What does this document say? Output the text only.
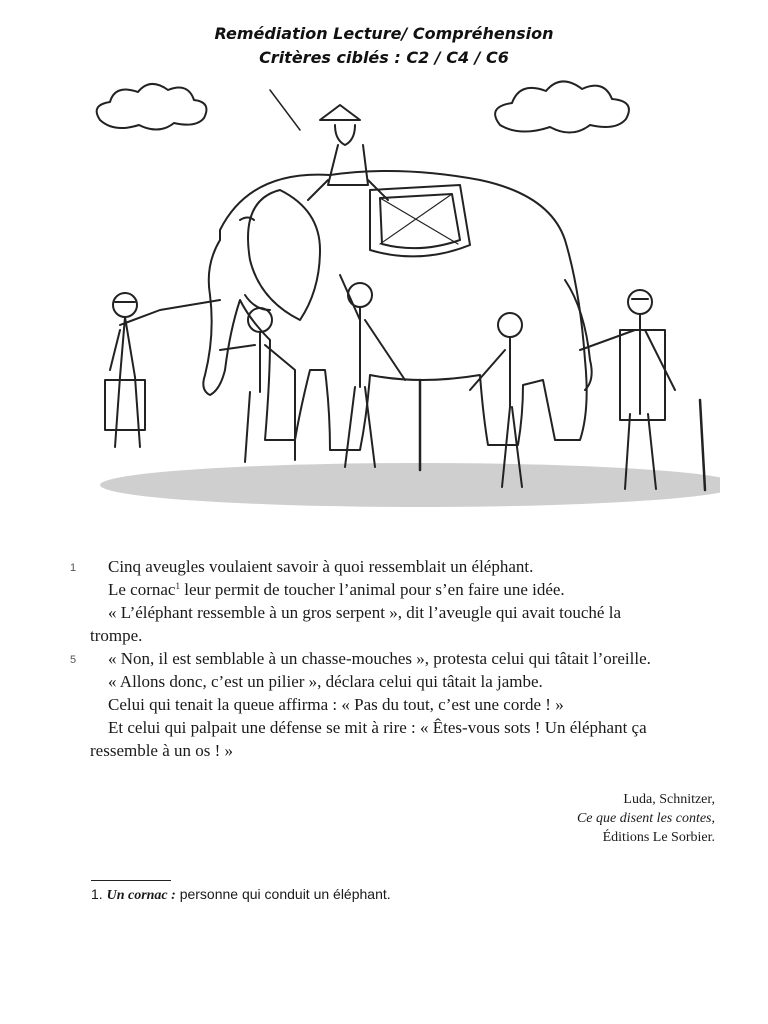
Remédiation Lecture/ Compréhension
Critères ciblés : C2 / C4 / C6
1 Cinq aveugles voulaient savoir à quoi ressemblait un éléphant.
Le cornac$^1$ leur permit de toucher l’animal pour s’en faire une idée.
« L’éléphant ressemble à un gros serpent », dit l’aveugle qui avait touché la
trompe.
5 « Non, il est semblable à un chasse-mouches », protesta celui qui tâtait l’oreille.
« Allons donc, c’est un pilier », déclara celui qui tâtait la jambe.
Celui qui tenait la queue affirma : « Pas du tout, c’est une corde ! »
Et celui qui palpait une défense se mit à rire : « Êtes-vous sots ! Un éléphant ça
ressemble à un os ! »
Luda, Schnitzer,
Ce que disent les contes,
Éditions Le Sorbier.
1. Un cornac : personne qui conduit un éléphant.
